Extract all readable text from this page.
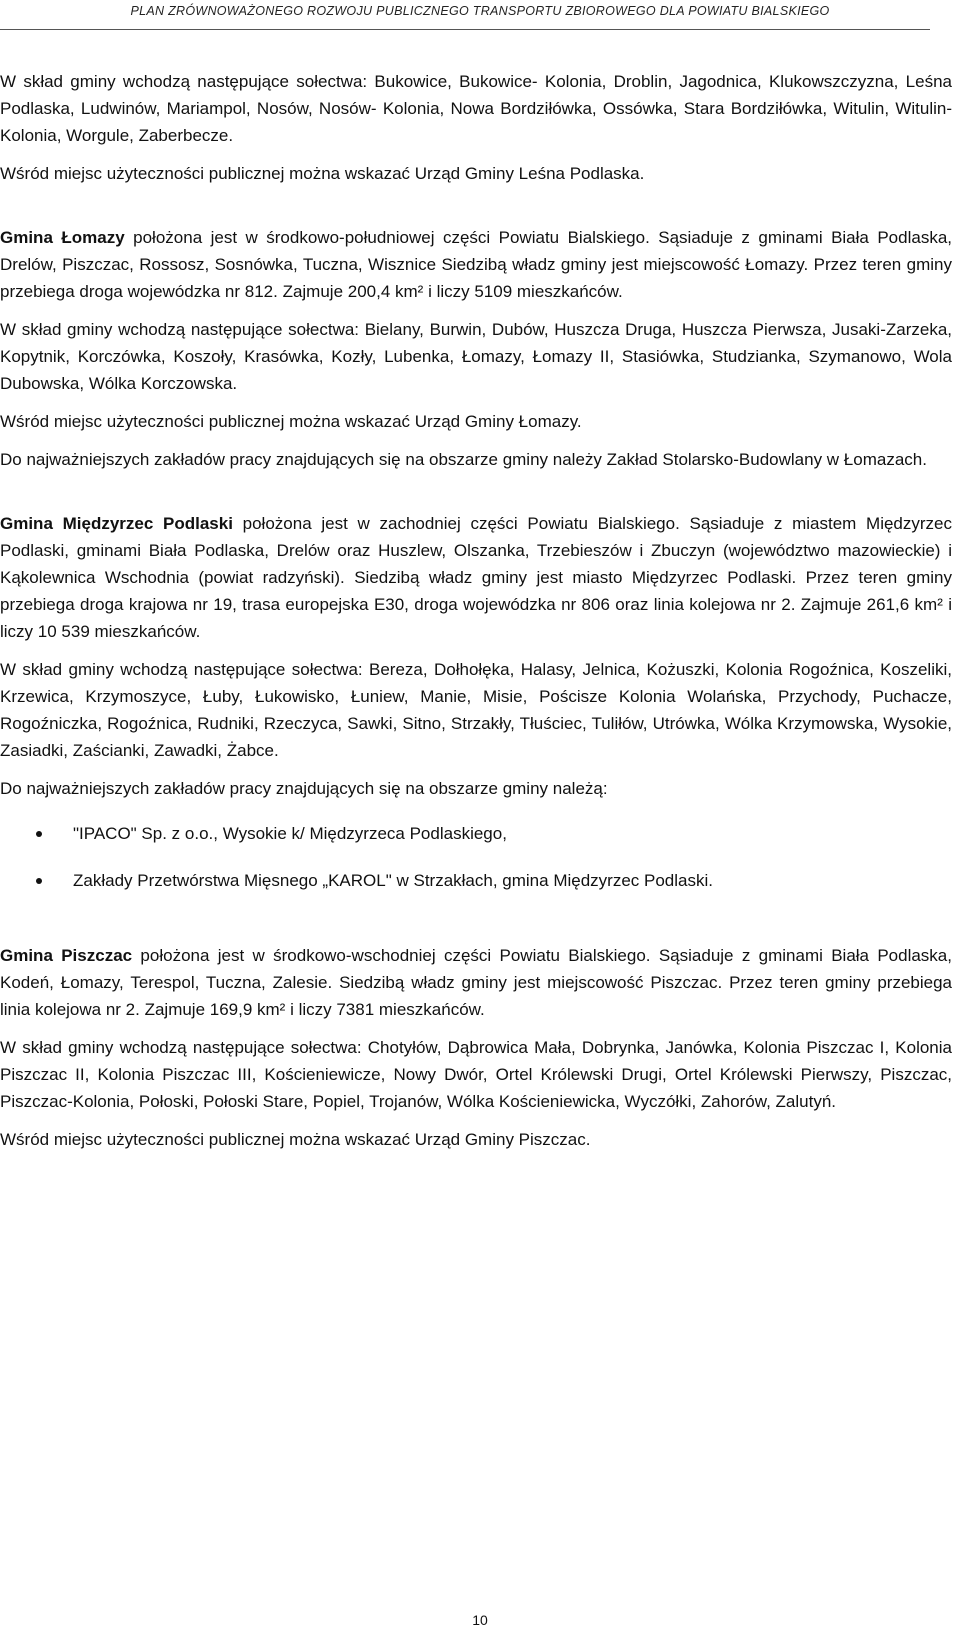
PLAN ZRÓWNOWAŻONEGO ROZWOJU PUBLICZNEGO TRANSPORTU ZBIOROWEGO DLA POWIATU BIALSKIEGO

W skład gminy wchodzą następujące sołectwa: Bukowice, Bukowice- Kolonia, Droblin, Jagodnica, Klukowszczyzna, Leśna Podlaska, Ludwinów, Mariampol, Nosów, Nosów- Kolonia, Nowa Bordziłówka, Ossówka, Stara Bordziłówka, Witulin, Witulin- Kolonia, Worgule, Zaberbecze.

Wśród miejsc użyteczności publicznej można wskazać Urząd Gminy Leśna Podlaska.

Gmina Łomazy położona jest w środkowo-południowej części Powiatu Bialskiego. Sąsiaduje z gminami Biała Podlaska, Drelów, Piszczac, Rossosz, Sosnówka, Tuczna, Wisznice Siedzibą władz gminy jest miejscowość Łomazy. Przez teren gminy przebiega droga wojewódzka nr 812. Zajmuje 200,4 km² i liczy 5109 mieszkańców.

W skład gminy wchodzą następujące sołectwa: Bielany, Burwin, Dubów, Huszcza Druga, Huszcza Pierwsza, Jusaki-Zarzeka, Kopytnik, Korczówka, Koszoły, Krasówka, Kozły, Lubenka, Łomazy, Łomazy II, Stasiówka, Studzianka, Szymanowo, Wola Dubowska, Wólka Korczowska.

Wśród miejsc użyteczności publicznej można wskazać Urząd Gminy Łomazy.

Do najważniejszych zakładów pracy znajdujących się na obszarze gminy należy Zakład Stolarsko-Budowlany w Łomazach.

Gmina Międzyrzec Podlaski położona jest w zachodniej części Powiatu Bialskiego. Sąsiaduje z miastem Międzyrzec Podlaski, gminami Biała Podlaska, Drelów oraz Huszlew, Olszanka, Trzebieszów i Zbuczyn (województwo mazowieckie) i Kąkolewnica Wschodnia (powiat radzyński). Siedzibą władz gminy jest miasto Międzyrzec Podlaski. Przez teren gminy przebiega droga krajowa nr 19, trasa europejska E30, droga wojewódzka nr 806 oraz linia kolejowa nr 2. Zajmuje 261,6 km² i liczy 10 539 mieszkańców.

W skład gminy wchodzą następujące sołectwa: Bereza, Dołhołęka, Halasy, Jelnica, Kożuszki, Kolonia Rogoźnica, Koszeliki, Krzewica, Krzymoszyce, Łuby, Łukowisko, Łuniew, Manie, Misie, Pościsze Kolonia Wolańska, Przychody, Puchacze, Rogoźniczka, Rogoźnica, Rudniki, Rzeczyca, Sawki, Sitno, Strzakły, Tłuściec, Tuliłów, Utrówka, Wólka Krzymowska, Wysokie, Zasiadki, Zaścianki, Zawadki, Żabce.

Do najważniejszych zakładów pracy znajdujących się na obszarze gminy należą:

"IPACO" Sp. z o.o., Wysokie k/ Międzyrzeca Podlaskiego,
Zakłady Przetwórstwa Mięsnego „KAROL" w Strzakłach, gmina Międzyrzec Podlaski.

Gmina Piszczac położona jest w środkowo-wschodniej części Powiatu Bialskiego. Sąsiaduje z gminami Biała Podlaska, Kodeń, Łomazy, Terespol, Tuczna, Zalesie. Siedzibą władz gminy jest miejscowość Piszczac. Przez teren gminy przebiega linia kolejowa nr 2. Zajmuje 169,9 km² i liczy 7381 mieszkańców.

W skład gminy wchodzą następujące sołectwa: Chotyłów, Dąbrowica Mała, Dobrynka, Janówka, Kolonia Piszczac I, Kolonia Piszczac II, Kolonia Piszczac III, Kościeniewicze, Nowy Dwór, Ortel Królewski Drugi, Ortel Królewski Pierwszy, Piszczac, Piszczac-Kolonia, Połoski, Połoski Stare, Popiel, Trojanów, Wólka Kościeniewicka, Wyczółki, Zahorów, Zalutyń.

Wśród miejsc użyteczności publicznej można wskazać Urząd Gminy Piszczac.

10
